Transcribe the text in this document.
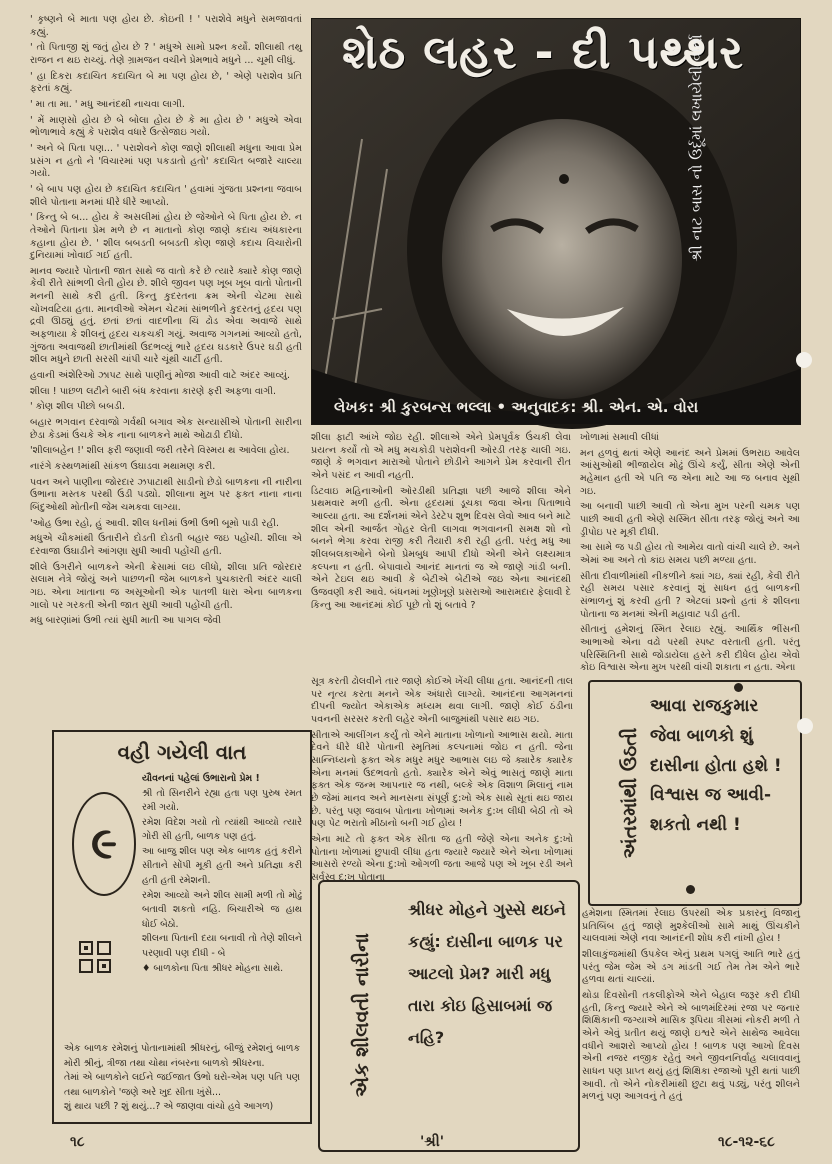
' કૃષ્ણને બે માતા પણ હોય છે. કોઇની ! ' પરાશેવે મધુને સમજાવતાં કહ્યું.

' તો પિતાજી શું જતું હોય છે ? ' મધુએ સામો પ્રશ્ન કર્યો. શીલાથી તથુ રાજન ન થઇ રાચ્યું. તેણે ગ્રામજન વચીને પ્રેમભાવે મધુને ... ચૂમી લીધું.

' હા દિકરા કદાચિત કદાચિત બે મા પણ હોય છે, ' એણે પરાશેવ પ્રતિ ફરતાં કહ્યું.

' મા તા મા. ' મધુ આનંદથી નાચવા લાગી.

' મેં માણસો હોય છે બે બોલા હોય છે કે મા હોય છે ' મધુએ એવા ભોળાભાવે કહ્યું કે પરાશેવ વધારે ઉત્સેજાઇ ગયો.

' અને બે પિતા પણ... ' પરાશેવને કોણ જાણે શીલાથી મધુના આવા પ્રેમ પ્રસંગ ન હતો ને 'વિચારમાં પણ પકડાતો હતો' કદાચિત બજારે ચાલ્યા ગયો.

' બે બાપ પણ હોય છે કદાચિત કદાચિત ' હવામાં ગુંજતા પ્રશ્નના જવાબ શીલે પોતાના મનમાં ધીરે ધીરે આપ્યો.

' કિન્તુ બે બ... હોય કે અસલીમાં હોય છે જેઓને બે પિતા હોય છે. ન તેઓને પિતાના પ્રેમ મળે છે ન માતાનો કોણ જાણે કદાચ અંધકારના કહાના હોય છે. ' શીલ બબડતી બબડતી કોણ જાણે કદાચ વિચારોની દુનિયામાં ખોવાઈ ગઈ હતી.

માનવ જ્યારે પોતાની જાત સાથે જ વાતો કરે છે ત્યારે ક્યારે કોણ જાણે કેવી રીતે સાંભળી લેતી હોય છે. શીલે જીવન પણ ખૂબ ખૂબ વાતો પોતાની મનની સાથે કરી હતી. કિન્તુ કુદરતના ક્રમ એની ચેટમા સાથે ચોખવટિયા હતા. માનવીઓ એમન ચેટમાં સાંભળીને કુદરતનું હૃદય પણ દ્રવી ઊઠ્યું હતું. છતાં છતાં વાદળીના ચિં ઢોડ એવા અવાજે સાથે અફળાયા કે શીલનું હૃદય ચકચકી ગયું. અવાજ ગગનમાં આવ્યો હતો, ગુંજતા અવાજથી છાતીમાંથી ઉદભવ્યું ભારે હૃદય ઘડકારે ઉપર ઘડી હતી શીલ મધુને છાતી સરસી ચાંપી ચારે ચૂંથી ચાર્ટી હતી.

હવાની અંશેરિઓ ઝાપટ સાથે પાણીનું મોજા આવી વાટે અંદર આવ્યું.

શીલા ! પાછળ લટીને બારી બંધ કરવાના કારણે ફરી અફળા વાગી.

' કોણ શીલ પીછો બબડી.

બહાર ભગવાન દરવાજો ગર્વથી બગાવ એક સન્યાસીએ પોતાની સારીના છેડા કેડમાં ઉંચકે એક નાના બાળકને માથે ઓઢાડી દીધો.

'શીલાબહેન !' શીલ ફરી જણાવી જરી તરેને વિસ્મય થ આવેલા હોય.

નારંગે કસ્થળમાંથી સાંકળ ઉઘાડવા મથામણ કરી.

પવન અને પાણીના જોરદાર ઝપાટાથી સાડીનો છેડો બાળકના ની નારીના ઉભાના મસ્તક પરથી ઉડી પડ્યો. શીલાના મુખ પર ફક્ત નાના નાના બિંદુઓથી મોતીની જેમ ચમકવા લાગ્યા.

'ઓહ ઉભા રહો, હું આવી. શીલ ધનીમાં ઉભી ઉભી બૂમો પાડી રહી.

મધુએ ચૌકમાંથી ઉતારીને દોડતી દોડતી બહાર જઇ પહોંચી. શીલા એ દરવાજા ઉઘાડીને આંગણા સુધી આવી પહોંચી હતી.

શીલે ઉગરીને બાળકને એની ક્રેસામાં લઇ લીધો, શીલા પ્રતિ જોરદાર સલામ નેત્રે જોયું અને પાછળની જેમ બાળકને પુચકારતી અંદર ચાલી ગઇ. એના ખાતાના જ અસૂઓની એક પાતળી ધારા એના બાળકના ગાલો પર ગરકતી એની જાત સુધી આવી પહોંચી હતી.

મધુ બારણાંમાં ઉભી ત્યાં સુધી માતી આ પાગલ જેવી

શેઠ લહર - દી પથ્થર
શ્રી નાટ બાસ નો ઉર્દૂમાં લખાયેલી વાર્તા
લેખક: શ્રી કુરબન્સ ભલ્લા • અનુવાદક: શ્રી. એન. એ. વોરા

શીલા ફાટી આંખે જોઇ રહી. શીલાએ એને પ્રેમપૂર્વક ઉંચકી લેવા પ્રયત્ન કર્યો તો એ મધુ મચકોડી પરાશેવની ઓરડી તરફ ચાલી ગઇ. જાણે કે ભગવાન મારાઓ પોતાને છોડીને આગને પ્રેમ કરવાની રીત એને પસંદ ન આવી નહતી.

ડિટવાઇ મહિનાઓની ઓરડીથી પ્રતિજ્ઞા પછી આજે શીલા એને પ્રથમવાર મળી હતી. એના હૃદયમાં ડૂચકા જવા એના પિતાભાવે આલ્યા હતા. આ દર્શનમાં એને ડેરટેપ શુભ દિવસ લેવો આવ બને માટે શીલ એની આર્જત ગોહર લેતી લાગવા ભગવાનની સમક્ષ શો નો બનને ભેગા કરવા રાજી કરી તૈયારી કરી રહી હતી. પરંતુ મધુ આ શીલબલકાઓને બેનો પ્રેમબુધ આપી દીધો એની એને લક્ષ્યમાત્ર કલ્પના ન હતી. બેપાવાયે આનંદ માનતાં જ એ જાણે ગાંડી બની. એને ટેઇલ થઇ આવી કે બેટીએ બેટીએ જઇ એના આનંદથી ઉજવણી કરી આવે. બંધનમાં ખૂણેખૂણે પ્રસરાઓ આરામદાર ફેલાવી દે કિન્તુ આ આનંદમાં કોઈ પૂછે તો શું બતાવે ?

ખોળામાં સમાવી લીધાં

મન હળવું થતાં એણે આનંદ અને પ્રેમમાં ઉભરાઇ આવેલ આંસુઓથી ભીજાયેલ મોઢું ઊંચે કર્યું, સીતા એણે એની મહેમાન હતી એ પતિ જ એના માટે આ જ બનાવ સૂથી ગઇ.

આ બનાવી પાછી આવી તો એના મુખ પરની ચમક પણ પાછી આવી હતી એણે સસ્મિત સીતા તરફ જોયું અને આ ડ્રીપોઇ પર મૂકી દીધી.

આ સામે જ પડી હોય તો આમેય વાતો વાંચી ચાલે છે. અને એમાં આ અને તો કાંઇ સમય પછી મળ્યા હતા.

સીતા દીવાળીમાંથી નીકળીને ક્યાં ગઇ, ક્યાં રહી, કેવી રીતે રહી સમય પસાર કરવાનું શું સાધન હતું બાળકની સંભાળનું શું કરવી હતી ? એટલાં પ્રશ્નો હતાં કે શીલના પોતાના જ મનમાં એની મહાવાટ પડી હતી.

સીતાનું હમેશનું સ્મિત રેલાઇ રહ્યું. આર્થિક ભીંસની આભાઓ એના વઢો પરથી સ્પષ્ટ વરતાતી હતી. પરંતુ પરિસ્થિતિની સાથે જોડાયેલા હસ્તે કરી દીધેલ હોય એવો કોઇ વિશ્વાસ એના મુખ પરથી વાંચી શકાતા ન હતા. એના

અંતરમાંથી ઉઠતી
આવા રાજકુમાર જેવા બાળકો શું દાસીના હોતા હશે ! વિશ્વાસ જ આવી-શકતો નથી !

સૂત્ર કરતી ઢોલવીને તાર જાણે કોઈએ ખેંચી લીધા હતા. આનંદની તાલ પર નૃત્ય કરતા મનને એક અંધારો લાગ્યો. આનંદના આગમનનાં દીપની જ્યોત એકાએક મધ્યમ થવા લાગી. જાણે કોઈ ઠંડીના પવનની સરસર કરતી લહેર એની બાજુમાંથી પસાર થઇ ગઇ.

સીતાએ આલીંગન કર્યું તો એને માતાના ખોળાનો આભાસ થયો. માતા દેવને ધીરે ધીરે પોતાની સ્મૃતિમાં કલ્પનામાં જોઇ ન હતી. જેના સાન્નિધ્યનો ફક્ત એક મધુર મધુર આભાસ લઇ જે ક્યારેક ક્યારેક એના મનમાં ઉદભવતો હતો. ક્યારેક એને એવું ભાસતું જાણે માતા ફક્ત એક જન્મ આપનાર જ નથી, બલ્કે એક વિશાળ મિલાનું નામ છે જેમાં માનવ અને માનસના સંપૂર્ણ દુ:ખો એક સાથે સૂતાં થઇ જાય છે. પરંતુ પણ જવાબ પોતાના ખોળામાં અનેક દુ:ખ લીધી બેઠી તો એ પણ પેટ ભરાતો મીઠાનો બની ગઈ હોય !

એના માટે તો ફક્ત એક સીતા જ હતી જેણે એના અનેક દુ:ખો પોતાના ખોળામાં છુપાવી લીધા હતા જ્યારે જ્યારે એને એના ખોળામાં આસરો રળ્યો એના દુ:ખો ઓગળી જતા આજે પણ એ ખૂબ રડી અને સર્વસ્વ દુ:ખ પોતાના

વહી ગયેલી વાત
૯
યૌવનનાં પહેલાં ઉભારાનો પ્રેમ !
શ્રી તો સિનરીને રહ્યા હતા પણ પુરુષ રમત રમી ગયો.
રમેશ વિદેશ ગયો તો ત્યાંથી આવ્યો ત્યારે ગોરી સી હતી, બાળક પણ હતું.
આ બાજુ શીલ પણ એક બાળક હતું કરીને સીતાને સોંપી મૂકી હતી અને પ્રતિજ્ઞા કરી હતી હતી રમેશની.
રમેશ આવ્યો અને શીલ સામી મળી તો મોઢું બતાવી શકતો નહિ. બિચારીએ જ હાથ ધોઈ બેઠો.
શીલના પિતાની દયા બનાવી તો તેણે શીલને પરણાવી પણ દીધી - બે
♦ બાળકોના પિતા શ્રીધર મોહના સાથે.
એક બાળક રમેશનું પોતાનામાંથી શ્રીધરનું, બીજું રમેશનું બાળક મોરી શ્રીનું, ત્રીજા તથા ચોથા નંબરના બાળકો શ્રીધરના.
તેમાં એ બાળકોને લઈને જઈજાત ઉભો ઘરો-એમ પણ પતિ પણ તથા બાળકોને 'જણે અરે ખુદ સીતા ખુંસે...
શું થાય પછી ? શું થયું...? એ જાણવા વાંચો હવે આગળ)
એક શીલવતી નારીના
શ્રીધર મોહને ગુસ્સે થઇને કહ્યું: દાસીના બાળક પર આટલો પ્રેમ? મારી મધુ તારા કોઇ હિસાબમાં જ નહિ?

હમેશના સ્મિતમાં રેલાઇ ઉપરથી એક પ્રકારનું વિજાનું પ્રતિબિંબ હતું જાણે મુશ્કેલીઓ સામે માથું ઊંચકીને ચાલવામાં એણે નવા આનંદની શોધ કરી નાંખી હોય !

શીલાકુંજમાંથી ઉપકેલ એનું પ્રથમ પગલું આતિ ભારે હતું પરંતુ જેમ જેમ એ ડગ માંડતી ગઈ તેમ તેમ એને ભારે હળવા થતાં ચાલ્યાં.

થોડા દિવસોની તકલીફોએ એને બેહાલ જરૂર કરી દીધી હતી, કિન્તુ જ્યારે એને એ બાળમંદિરમાં રજા પર જનાર શિક્ષિકાની જગ્યાએ માસિક રૂપિયા ત્રીસમાં નોકરી મળી તે એને એવું પ્રતીત થયું જાણે ઇશ્વરે એને સાથેજ આવેલા વધીને આશરો આપ્યો હોય ! બાળક પણ આખો દિવસ એની નજર નજીક રહેતું અને જીવનનિર્વાહ ચલાવવાનું સાધન પણ પ્રાપ્ત થયું હતું શિક્ષિકા રજાઓ પૂરી થતાં પાછી આવી. તો એને નોકરીમાંથી છુટા થવું પડ્યું, પરંતુ શીલને મળનું પણ આગવનું તે હતું

૧૮	'શ્રી'	૧૮-૧૨-૬૮
